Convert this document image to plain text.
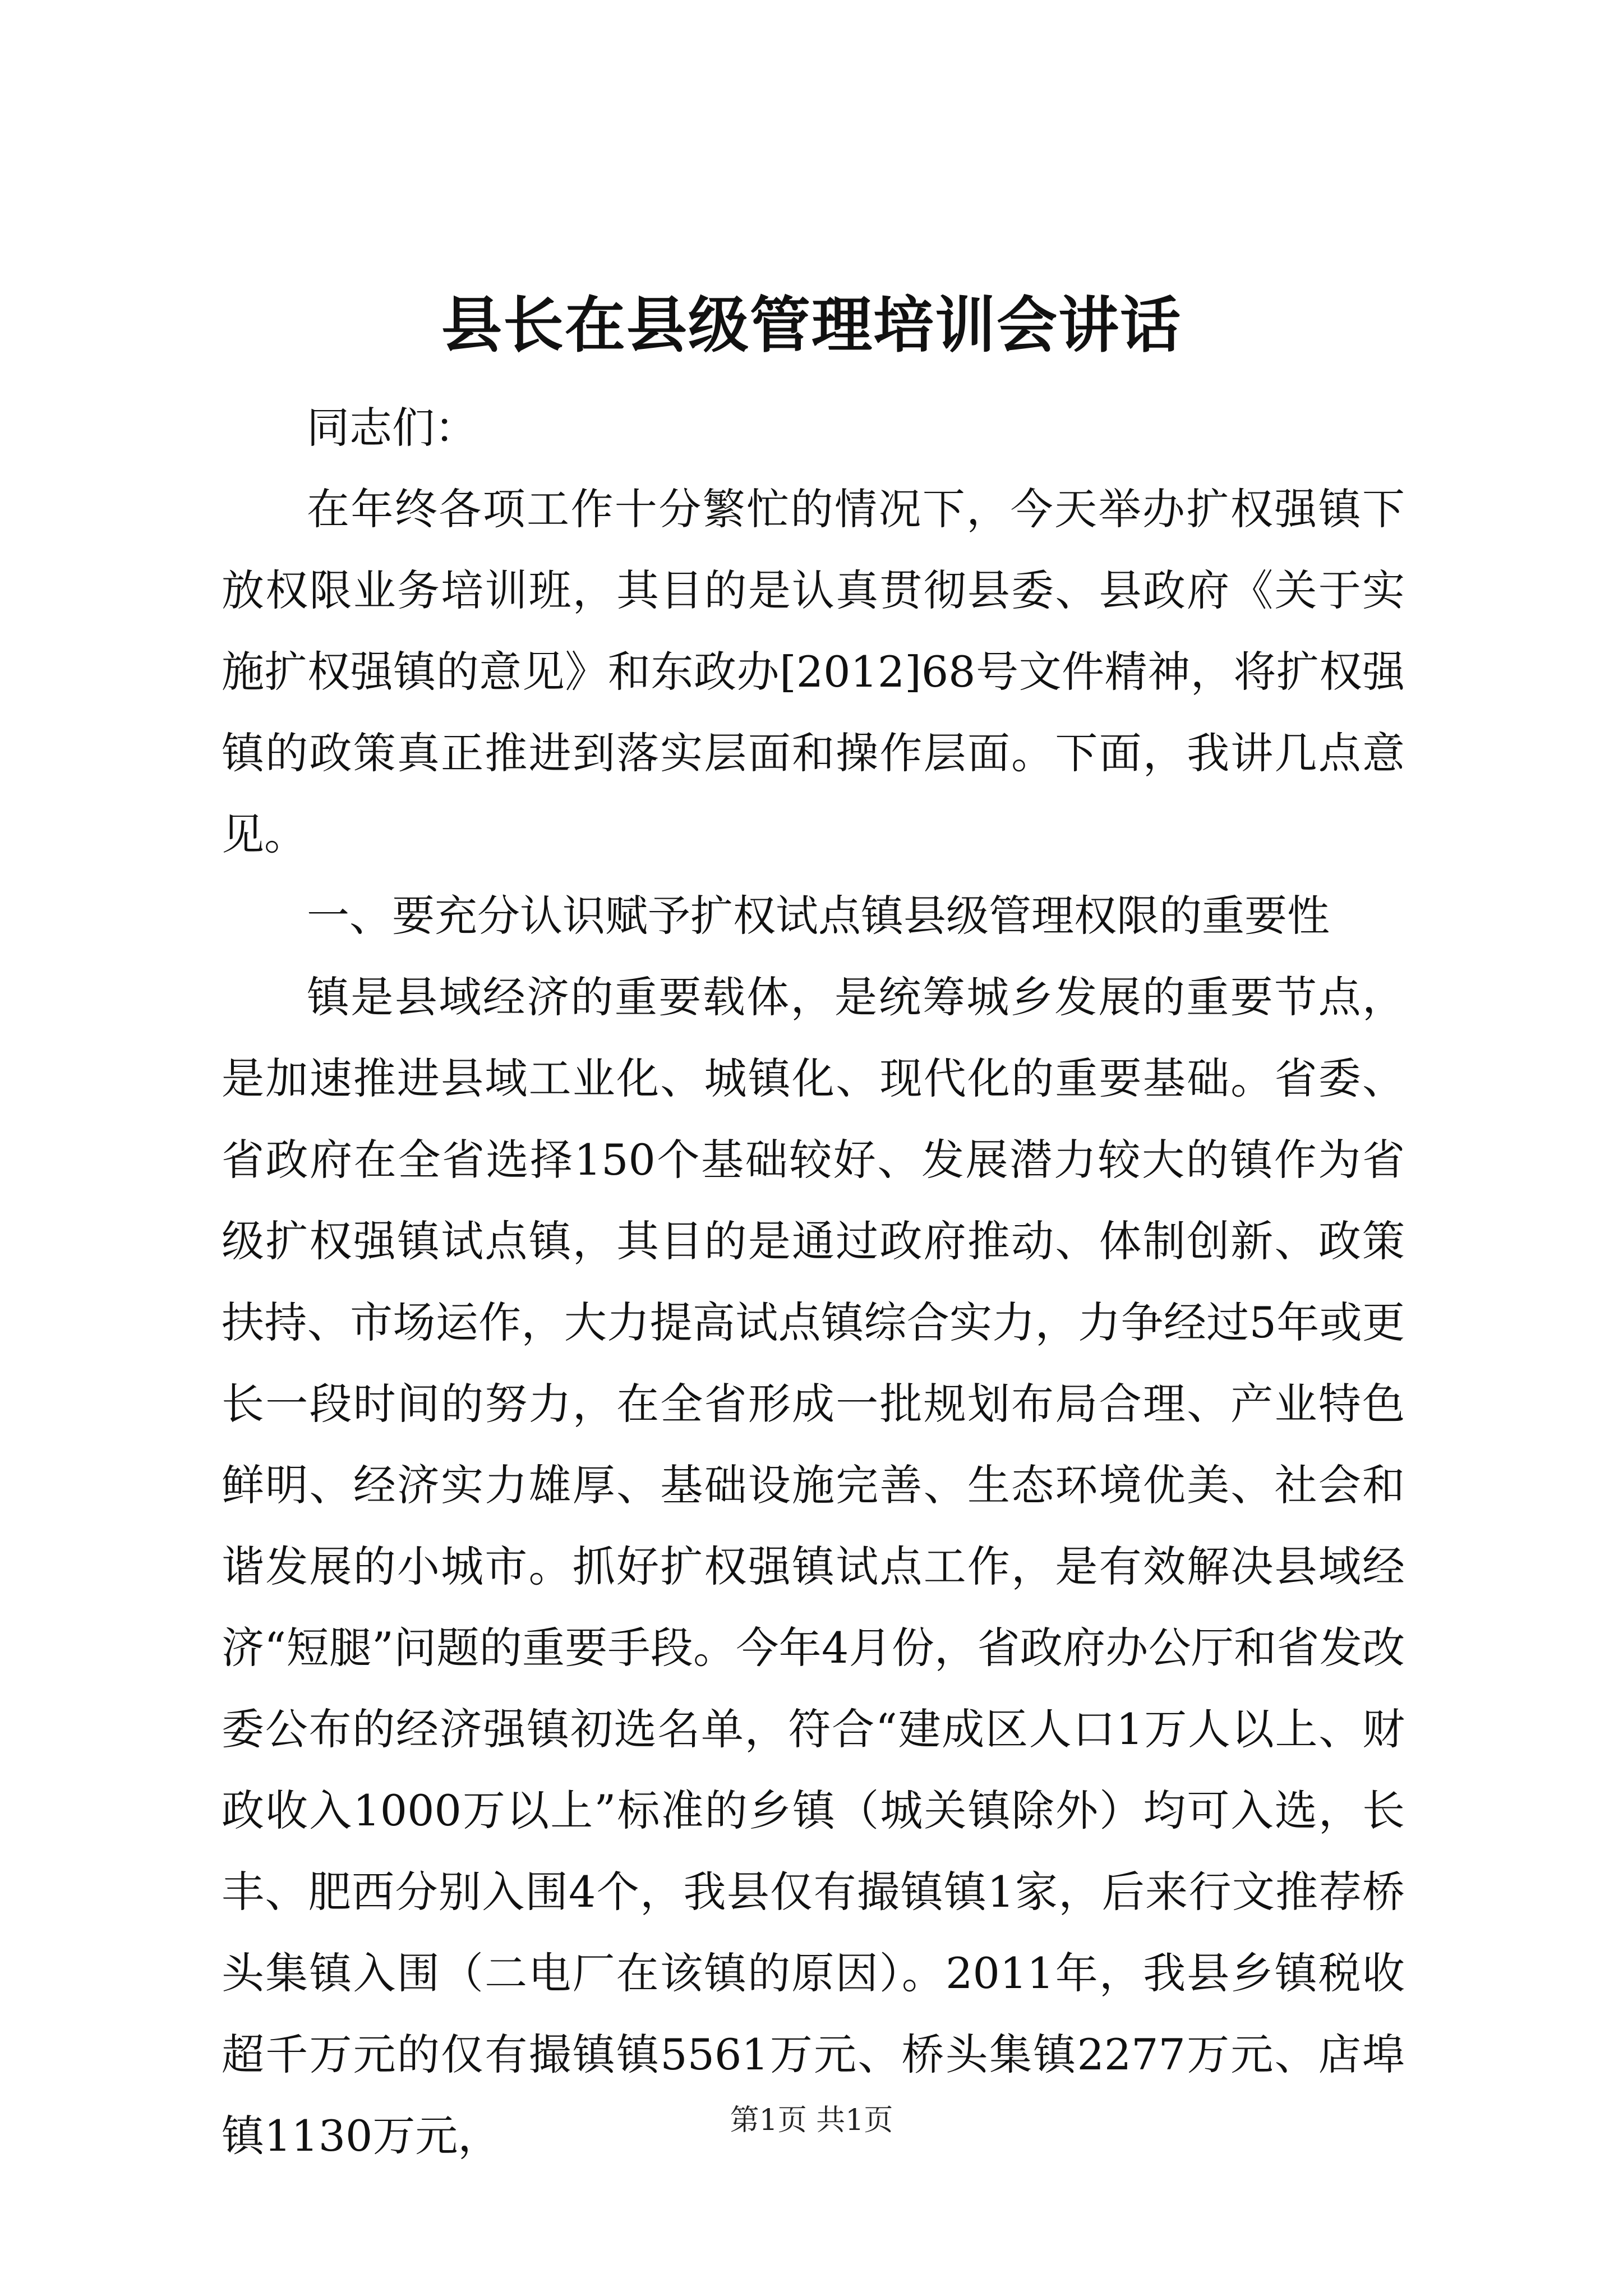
县长在县级管理培训会讲话

同志们：

在年终各项工作十分繁忙的情况下，今天举办扩权强镇下放权限业务培训班，其目的是认真贯彻县委、县政府《关于实施扩权强镇的意见》和东政办[2012]68号文件精神，将扩权强镇的政策真正推进到落实层面和操作层面。下面，我讲几点意见。

一、要充分认识赋予扩权试点镇县级管理权限的重要性

镇是县域经济的重要载体，是统筹城乡发展的重要节点，是加速推进县域工业化、城镇化、现代化的重要基础。省委、省政府在全省选择150个基础较好、发展潜力较大的镇作为省级扩权强镇试点镇，其目的是通过政府推动、体制创新、政策扶持、市场运作，大力提高试点镇综合实力，力争经过5年或更长一段时间的努力，在全省形成一批规划布局合理、产业特色鲜明、经济实力雄厚、基础设施完善、生态环境优美、社会和谐发展的小城市。抓好扩权强镇试点工作，是有效解决县域经济“短腿”问题的重要手段。今年4月份，省政府办公厅和省发改委公布的经济强镇初选名单，符合“建成区人口1万人以上、财政收入1000万以上”标准的乡镇（城关镇除外）均可入选，长丰、肥西分别入围4个，我县仅有撮镇镇1家，后来行文推荐桥头集镇入围（二电厂在该镇的原因）。2011年，我县乡镇税收超千万元的仅有撮镇镇5561万元、桥头集镇2277万元、店埠镇1130万元，	第1页 共1页
